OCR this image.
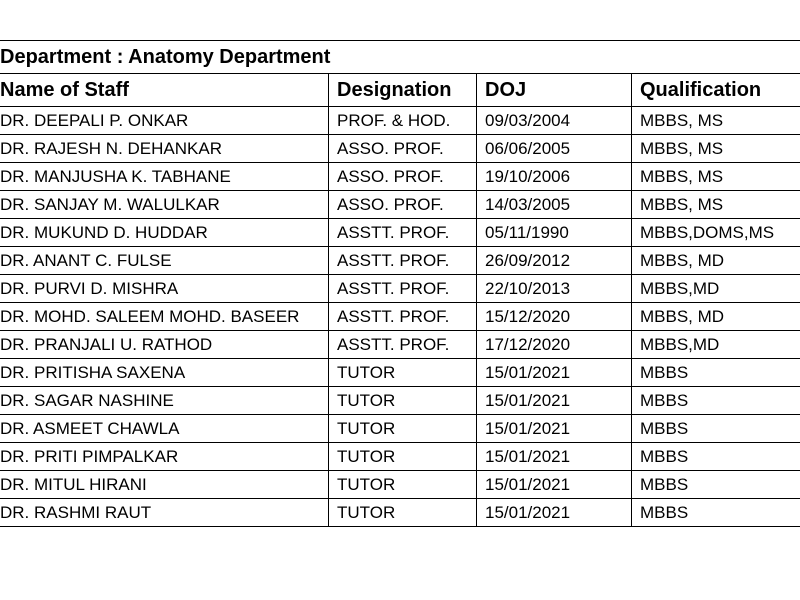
Department : Anatomy Department			
Name of Staff	Designation	DOJ	Qualification
DR. DEEPALI P. ONKAR	PROF. & HOD.	09/03/2004	MBBS, MS
DR. RAJESH N. DEHANKAR	ASSO. PROF.	06/06/2005	MBBS, MS
DR. MANJUSHA K. TABHANE	ASSO. PROF.	19/10/2006	MBBS, MS
DR. SANJAY M. WALULKAR	ASSO. PROF.	14/03/2005	MBBS, MS
DR. MUKUND D. HUDDAR	ASSTT. PROF.	05/11/1990	MBBS,DOMS,MS
DR. ANANT C. FULSE	ASSTT. PROF.	26/09/2012	MBBS, MD
DR. PURVI D. MISHRA	ASSTT. PROF.	22/10/2013	MBBS,MD
DR. MOHD. SALEEM MOHD. BASEER	ASSTT. PROF.	15/12/2020	MBBS, MD
DR. PRANJALI U. RATHOD	ASSTT. PROF.	17/12/2020	MBBS,MD
DR. PRITISHA SAXENA	TUTOR	15/01/2021	MBBS
DR. SAGAR NASHINE	TUTOR	15/01/2021	MBBS
DR. ASMEET CHAWLA	TUTOR	15/01/2021	MBBS
DR. PRITI PIMPALKAR	TUTOR	15/01/2021	MBBS
DR. MITUL HIRANI	TUTOR	15/01/2021	MBBS
DR. RASHMI RAUT	TUTOR	15/01/2021	MBBS
